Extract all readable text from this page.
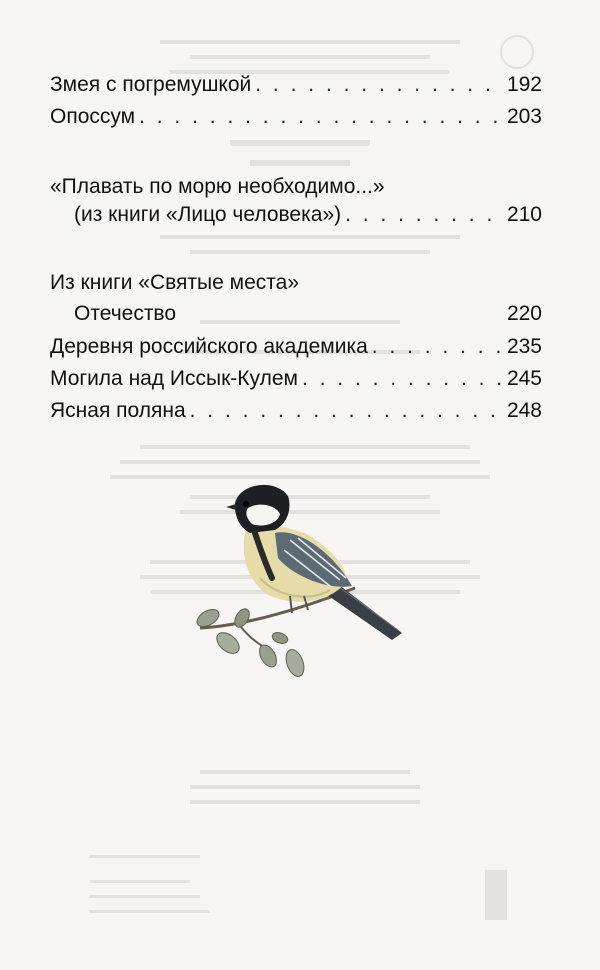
Змея с погремушкой . . .	192
Опоссум . . .	203
«Плавать по морю необходимо...»
(из книги «Лицо человека») . . .	210
Из книги «Святые места»
Отечество	220
Деревня российского академика . . .	235
Могила над Иссык-Кулем . . .	245
Ясная поляна . . .	248
